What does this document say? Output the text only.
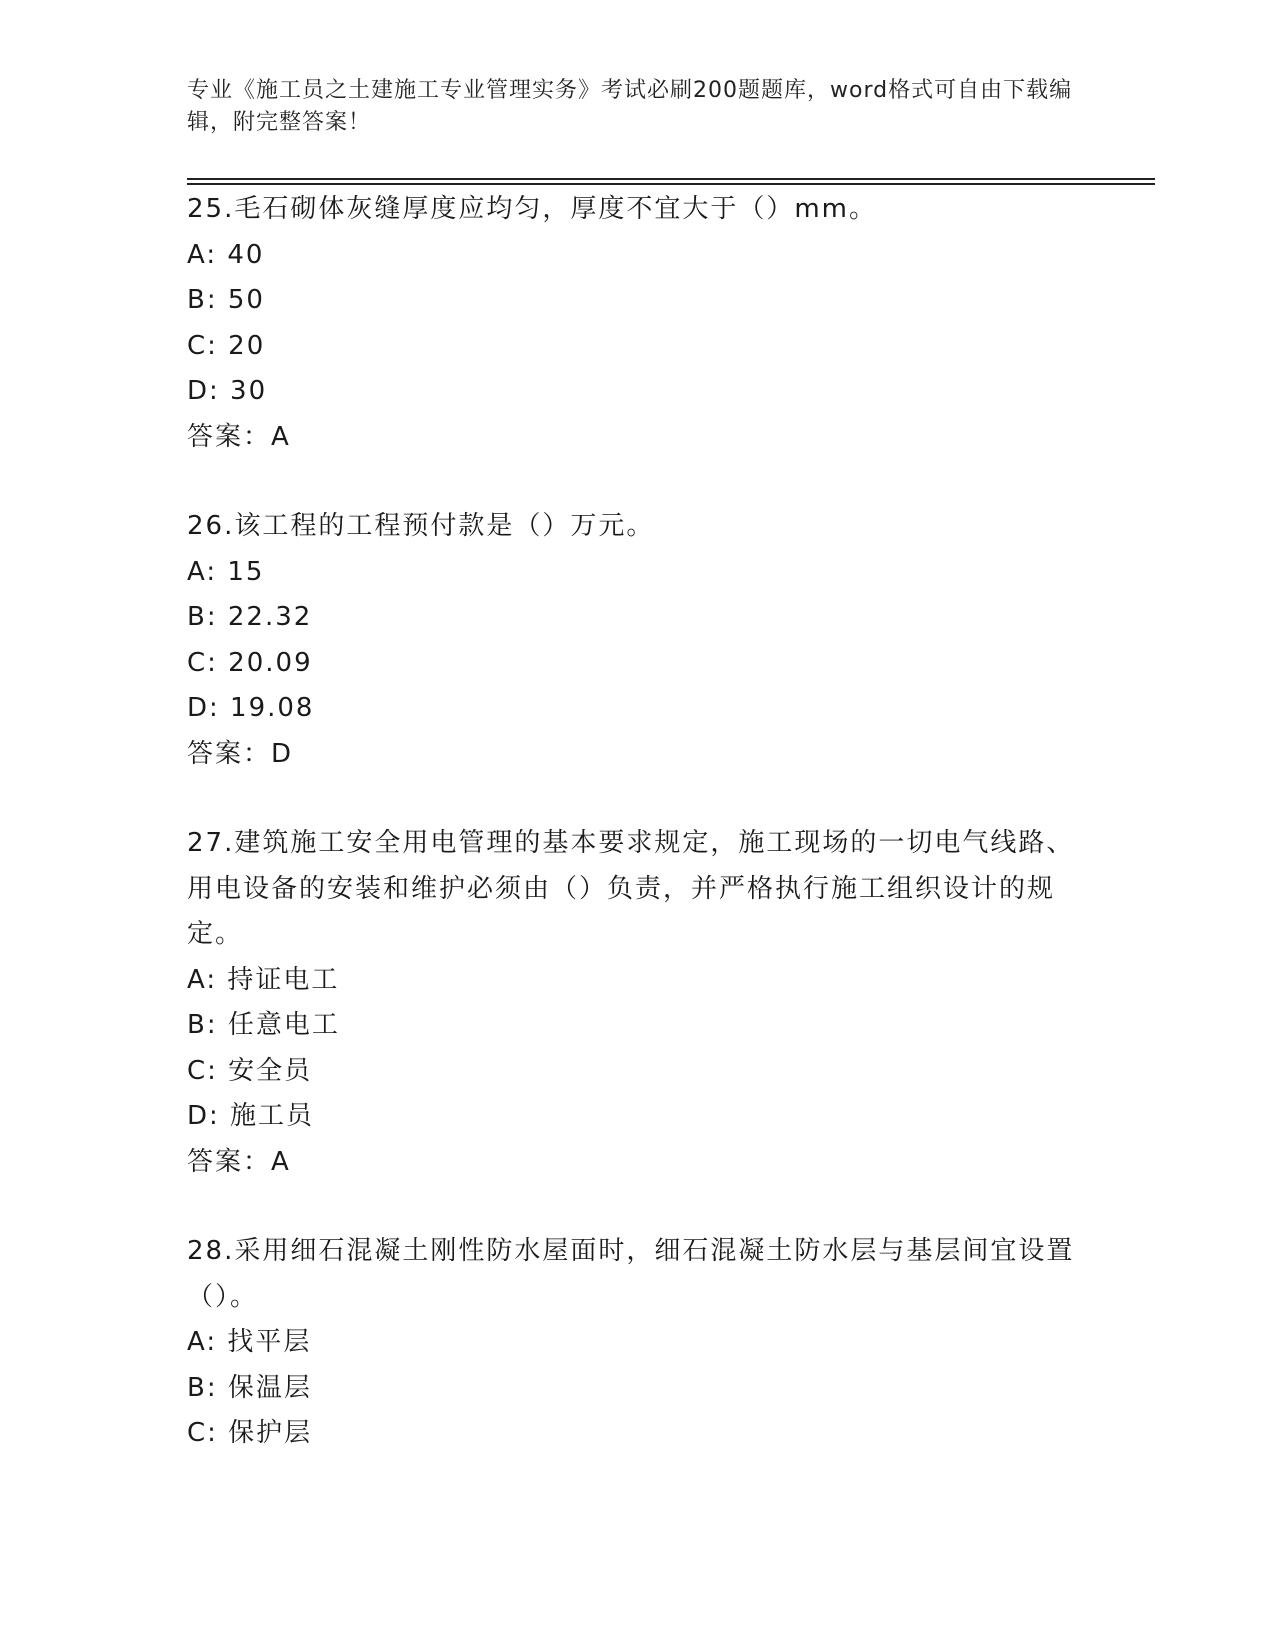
专业《施工员之土建施工专业管理实务》考试必刷200题题库，word格式可自由下载编辑，附完整答案！
25.毛石砌体灰缝厚度应均匀，厚度不宜大于（）mm。
A: 40
B: 50
C: 20
D: 30
答案：A
26.该工程的工程预付款是（）万元。
A: 15
B: 22.32
C: 20.09
D: 19.08
答案：D
27.建筑施工安全用电管理的基本要求规定，施工现场的一切电气线路、用电设备的安装和维护必须由（）负责，并严格执行施工组织设计的规定。
A: 持证电工
B: 任意电工
C: 安全员
D: 施工员
答案：A
28.采用细石混凝土刚性防水屋面时，细石混凝土防水层与基层间宜设置（）。
A: 找平层
B: 保温层
C: 保护层
